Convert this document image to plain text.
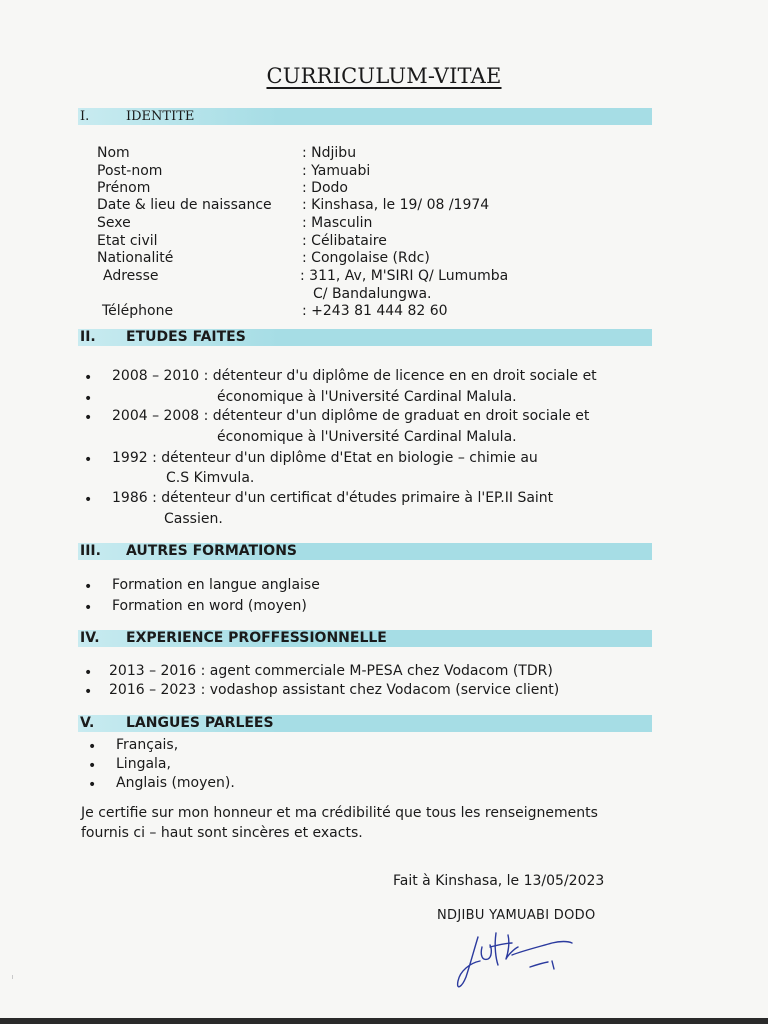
CURRICULUM-VITAE
I.	IDENTITE
Nom	: Ndjibu
Post-nom	: Yamuabi
Prénom	: Dodo
Date & lieu de naissance : Kinshasa, le 19/ 08 /1974
Sexe	: Masculin
Etat civil	: Célibataire
Nationalité	: Congolaise (Rdc)
Adresse	: 311, Av, M'SIRI Q/ Lumumba
C/ Bandalungwa.
Téléphone	: +243 81 444 82 60
II. ETUDES FAITES
• 2008 – 2010 : détenteur d'u diplôme de licence en en droit sociale et
•	économique à l'Université Cardinal Malula.
• 2004 – 2008 : détenteur d'un diplôme de graduat en droit sociale et
économique à l'Université Cardinal Malula.
• 1992 : détenteur d'un diplôme d'Etat en biologie – chimie au
C.S Kimvula.
• 1986 : détenteur d'un certificat d'études primaire à l'EP.II Saint
Cassien.
III. AUTRES FORMATIONS
• Formation en langue anglaise
• Formation en word (moyen)
IV. EXPERIENCE PROFFESSIONNELLE
• 2013 – 2016 : agent commerciale M-PESA chez Vodacom (TDR)
• 2016 – 2023 : vodashop assistant chez Vodacom (service client)
V. LANGUES PARLEES
• Français,
• Lingala,
• Anglais (moyen).
Je certifie sur mon honneur et ma crédibilité que tous les renseignements
fournis ci – haut sont sincères et exacts.
Fait à Kinshasa, le 13/05/2023
NDJIBU YAMUABI DODO
